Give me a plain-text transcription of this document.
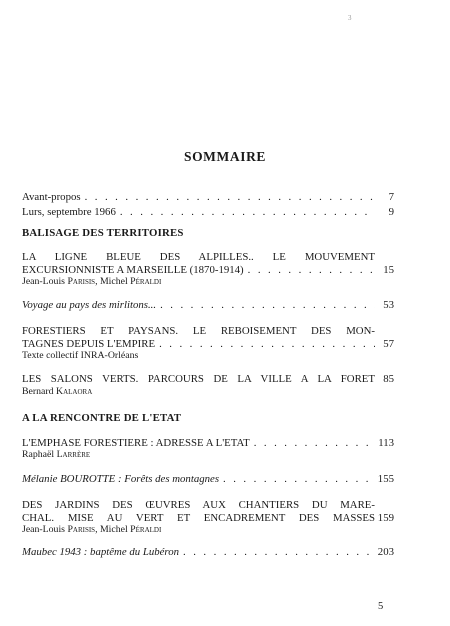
3
SOMMAIRE
Avant-propos . . .	7
Lurs, septembre 1966 . . .	9
BALISAGE DES TERRITOIRES
LA LIGNE BLEUE DES ALPILLES.. LE MOUVEMENT
EXCURSIONNISTE A MARSEILLE (1870-1914) . . .	15
Jean-Louis Parisis, Michel Péraldi
Voyage au pays des mirlitons... . . .	53
FORESTIERS ET PAYSANS. LE REBOISEMENT DES MON-
TAGNES DEPUIS L'EMPIRE . . .	57
Texte collectif INRA-Orléans
LES SALONS VERTS. PARCOURS DE LA VILLE A LA FORET 85
Bernard Kalaora
A LA RENCONTRE DE L'ETAT
L'EMPHASE FORESTIERE : ADRESSE A L'ETAT . . .	113
Raphaël Larrère
Mélanie BOUROTTE : Forêts des montagnes . . .	155
DES JARDINS DES ŒUVRES AUX CHANTIERS DU MARE-
CHAL. MISE AU VERT ET ENCADREMENT DES MASSES 159
Jean-Louis Parisis, Michel Péraldi
Maubec 1943 : baptême du Lubéron . . .	203
5
